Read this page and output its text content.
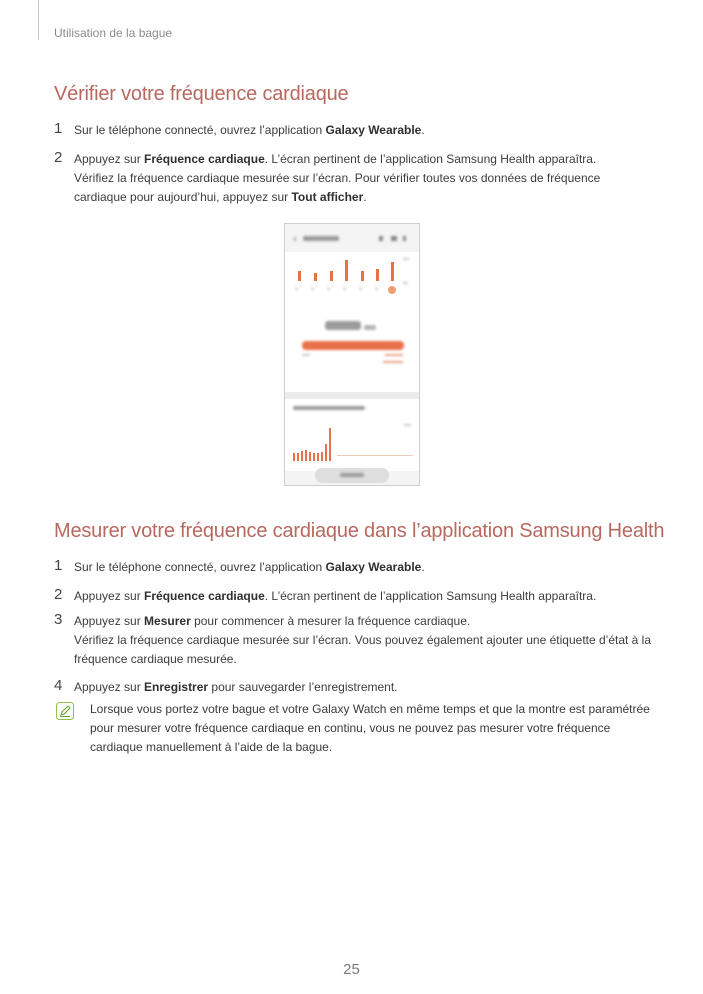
Utilisation de la bague
Vérifier votre fréquence cardiaque
1 Sur le téléphone connecté, ouvrez l’application Galaxy Wearable.
2 Appuyez sur Fréquence cardiaque. L’écran pertinent de l’application Samsung Health apparaîtra.
Vérifiez la fréquence cardiaque mesurée sur l’écran. Pour vérifier toutes vos données de fréquence cardiaque pour aujourd’hui, appuyez sur Tout afficher.
‹
Mesurer votre fréquence cardiaque dans l’application Samsung Health
1 Sur le téléphone connecté, ouvrez l’application Galaxy Wearable.
2 Appuyez sur Fréquence cardiaque. L’écran pertinent de l’application Samsung Health apparaîtra.
3 Appuyez sur Mesurer pour commencer à mesurer la fréquence cardiaque.
Vérifiez la fréquence cardiaque mesurée sur l’écran. Vous pouvez également ajouter une étiquette d’état à la fréquence cardiaque mesurée.
4 Appuyez sur Enregistrer pour sauvegarder l’enregistrement.
Lorsque vous portez votre bague et votre Galaxy Watch en même temps et que la montre est paramétrée pour mesurer votre fréquence cardiaque en continu, vous ne pouvez pas mesurer votre fréquence cardiaque manuellement à l’aide de la bague.
25
